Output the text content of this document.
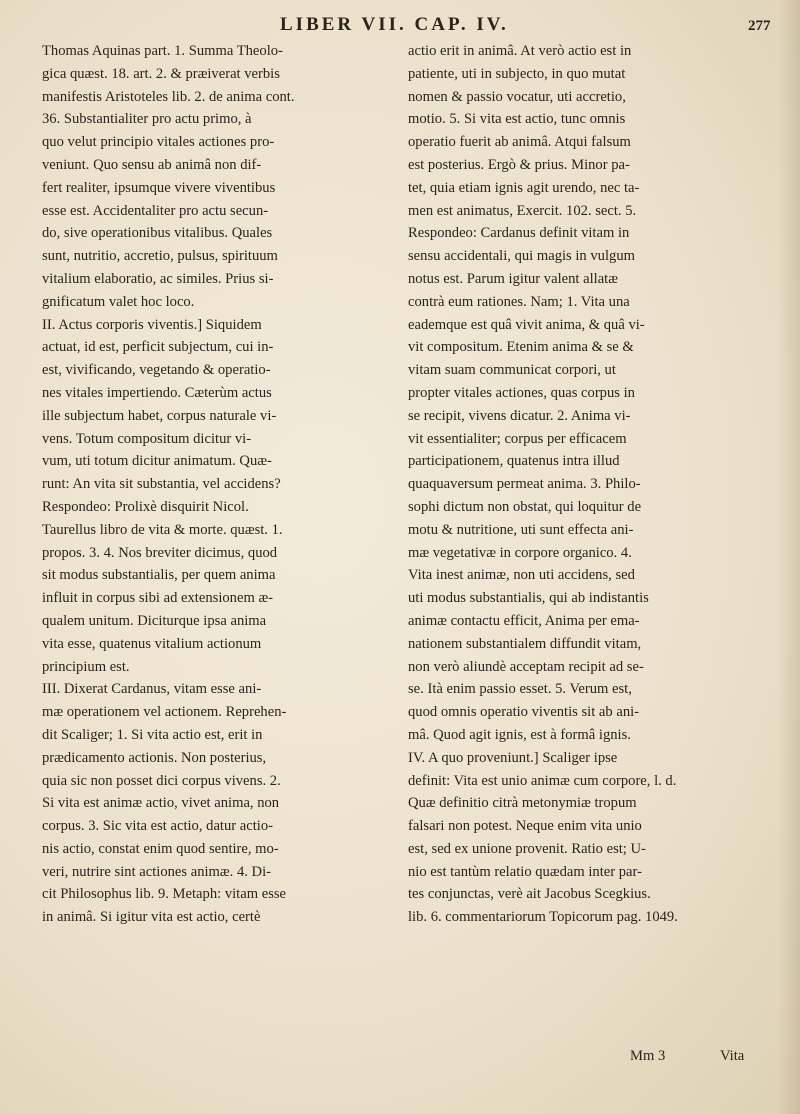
LIBER VII. CAP. IV.	277
Thomas Aquinas part. 1. Summa Theolo-
gica quæst. 18. art. 2. & præiverat verbis
manifestis Aristoteles lib. 2. de anima cont.
36. Substantialiter pro actu primo, à
quo velut principio vitales actiones pro-
veniunt. Quo sensu ab animâ non dif-
fert realiter, ipsumque vivere viventibus
esse est. Accidentaliter pro actu secun-
do, sive operationibus vitalibus. Quales
sunt, nutritio, accretio, pulsus, spirituum
vitalium elaboratio, ac similes. Prius si-
gnificatum valet hoc loco.
II. Actus corporis viventis.] Siquidem
actuat, id est, perficit subjectum, cui in-
est, vivificando, vegetando & operatio-
nes vitales impertiendo. Cæterùm actus
ille subjectum habet, corpus naturale vi-
vens. Totum compositum dicitur vi-
vum, uti totum dicitur animatum. Quæ-
runt: An vita sit substantia, vel accidens?
Respondeo: Prolixè disquirit Nicol.
Taurellus libro de vita & morte. quæst. 1.
propos. 3. 4. Nos breviter dicimus, quod
sit modus substantialis, per quem anima
influit in corpus sibi ad extensionem æ-
qualem unitum. Diciturque ipsa anima
vita esse, quatenus vitalium actionum
principium est.
III. Dixerat Cardanus, vitam esse ani-
mæ operationem vel actionem. Reprehen-
dit Scaliger; 1. Si vita actio est, erit in
prædicamento actionis. Non posterius,
quia sic non posset dici corpus vivens. 2.
Si vita est animæ actio, vivet anima, non
corpus. 3. Sic vita est actio, datur actio-
nis actio, constat enim quod sentire, mo-
veri, nutrire sint actiones animæ. 4. Di-
cit Philosophus lib. 9. Metaph: vitam esse
in animâ. Si igitur vita est actio, certè
actio erit in animâ. At verò actio est in
patiente, uti in subjecto, in quo mutat
nomen & passio vocatur, uti accretio,
motio. 5. Si vita est actio, tunc omnis
operatio fuerit ab animâ. Atqui falsum
est posterius. Ergò & prius. Minor pa-
tet, quia etiam ignis agit urendo, nec ta-
men est animatus, Exercit. 102. sect. 5.
Respondeo: Cardanus definit vitam in
sensu accidentali, qui magis in vulgum
notus est. Parum igitur valent allatæ
contrà eum rationes. Nam; 1. Vita una
eademque est quâ vivit anima, & quâ vi-
vit compositum. Etenim anima & se &
vitam suam communicat corpori, ut
propter vitales actiones, quas corpus in
se recipit, vivens dicatur. 2. Anima vi-
vit essentialiter; corpus per efficacem
participationem, quatenus intra illud
quaquaversum permeat anima. 3. Philo-
sophi dictum non obstat, qui loquitur de
motu & nutritione, uti sunt effecta ani-
mæ vegetativæ in corpore organico. 4.
Vita inest animæ, non uti accidens, sed
uti modus substantialis, qui ab indistantis
animæ contactu efficit, Anima per ema-
nationem substantialem diffundit vitam,
non verò aliundè acceptam recipit ad se-
se. Ità enim passio esset. 5. Verum est,
quod omnis operatio viventis sit ab ani-
mâ. Quod agit ignis, est à formâ ignis.
IV. A quo proveniunt.] Scaliger ipse
definit: Vita est unio animæ cum corpore, l. d.
Quæ definitio citrà metonymiæ tropum
falsari non potest. Neque enim vita unio
est, sed ex unione provenit. Ratio est; U-
nio est tantùm relatio quædam inter par-
tes conjunctas, verè ait Jacobus Scegkius.
lib. 6. commentariorum Topicorum pag. 1049.
Mm 3	Vita
